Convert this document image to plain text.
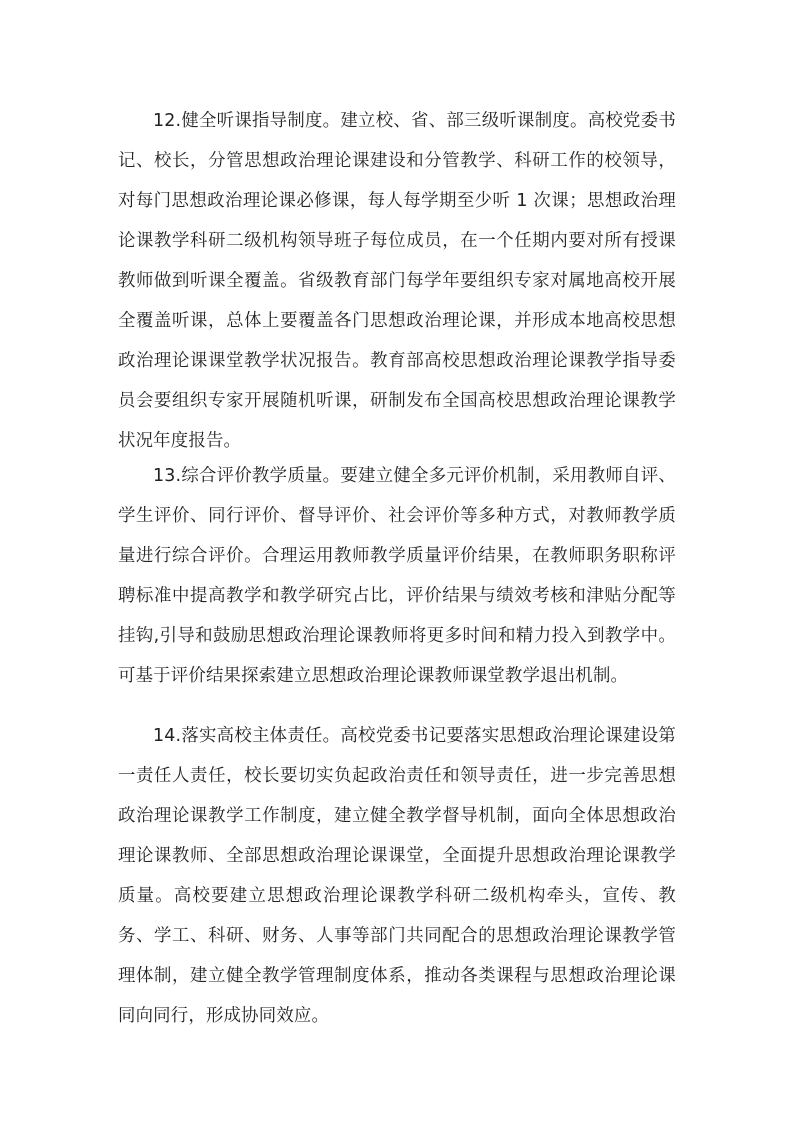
12.健全听课指导制度。建立校、省、部三级听课制度。高校党委书记、校长，分管思想政治理论课建设和分管教学、科研工作的校领导，对每门思想政治理论课必修课，每人每学期至少听 1 次课；思想政治理论课教学科研二级机构领导班子每位成员，在一个任期内要对所有授课教师做到听课全覆盖。省级教育部门每学年要组织专家对属地高校开展全覆盖听课，总体上要覆盖各门思想政治理论课，并形成本地高校思想政治理论课课堂教学状况报告。教育部高校思想政治理论课教学指导委员会要组织专家开展随机听课，研制发布全国高校思想政治理论课教学状况年度报告。

13.综合评价教学质量。要建立健全多元评价机制，采用教师自评、学生评价、同行评价、督导评价、社会评价等多种方式，对教师教学质量进行综合评价。合理运用教师教学质量评价结果，在教师职务职称评聘标准中提高教学和教学研究占比，评价结果与绩效考核和津贴分配等挂钩,引导和鼓励思想政治理论课教师将更多时间和精力投入到教学中。可基于评价结果探索建立思想政治理论课教师课堂教学退出机制。

14.落实高校主体责任。高校党委书记要落实思想政治理论课建设第一责任人责任，校长要切实负起政治责任和领导责任，进一步完善思想政治理论课教学工作制度，建立健全教学督导机制，面向全体思想政治理论课教师、全部思想政治理论课课堂，全面提升思想政治理论课教学质量。高校要建立思想政治理论课教学科研二级机构牵头，宣传、教务、学工、科研、财务、人事等部门共同配合的思想政治理论课教学管理体制，建立健全教学管理制度体系，推动各类课程与思想政治理论课同向同行，形成协同效应。
